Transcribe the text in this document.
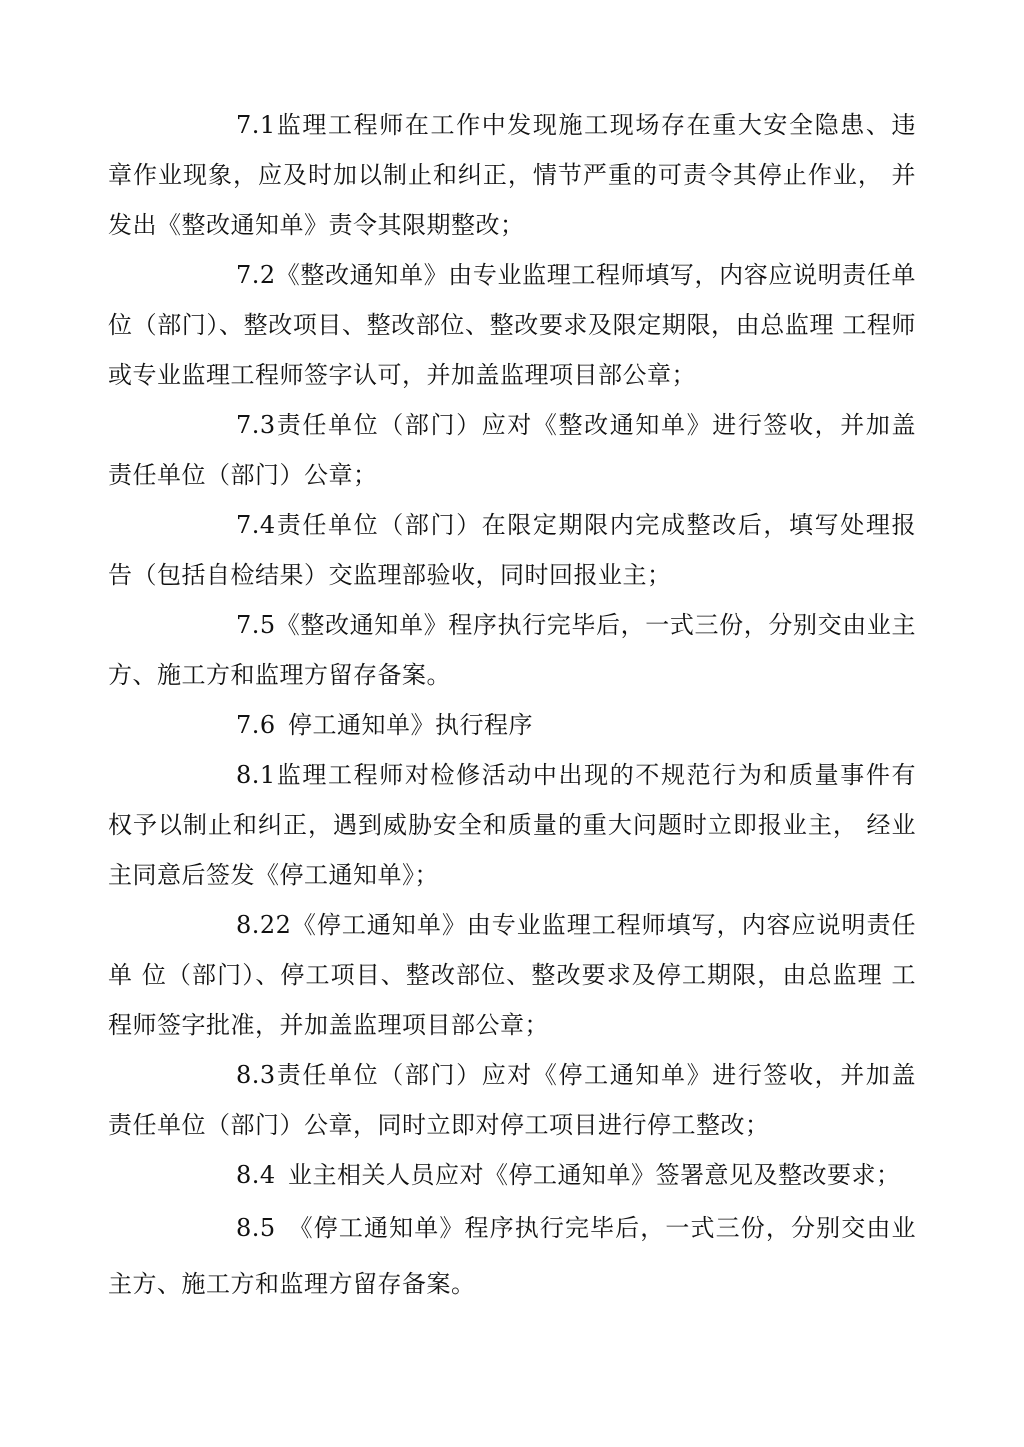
7.1监理工程师在工作中发现施工现场存在重大安全隐患、违 章作业现象，应及时加以制止和纠正，情节严重的可责令其停止作业， 并发出《整改通知单》责令其限期整改；

7.2《整改通知单》由专业监理工程师填写，内容应说明责任单 位（部门）、整改项目、整改部位、整改要求及限定期限，由总监理 工程师或专业监理工程师签字认可，并加盖监理项目部公章；

7.3责任单位（部门）应对《整改通知单》进行签收，并加盖 责任单位（部门）公章；

7.4责任单位（部门）在限定期限内完成整改后，填写处理报 告（包括自检结果）交监理部验收，同时回报业主；

7.5《整改通知单》程序执行完毕后，一式三份，分别交由业主 方、施工方和监理方留存备案。

7.6 停工通知单》执行程序

8.1监理工程师对检修活动中出现的不规范行为和质量事件有 权予以制止和纠正，遇到威胁安全和质量的重大问题时立即报业主， 经业主同意后签发《停工通知单》；

8.22《停工通知单》由专业监理工程师填写，内容应说明责任单 位（部门）、停工项目、整改部位、整改要求及停工期限，由总监理 工程师签字批准，并加盖监理项目部公章；

8.3责任单位（部门）应对《停工通知单》进行签收，并加盖 责任单位（部门）公章，同时立即对停工项目进行停工整改；

8.4 业主相关人员应对《停工通知单》签署意见及整改要求；

8.5 《停工通知单》程序执行完毕后，一式三份，分别交由业主方、施工方和监理方留存备案。
